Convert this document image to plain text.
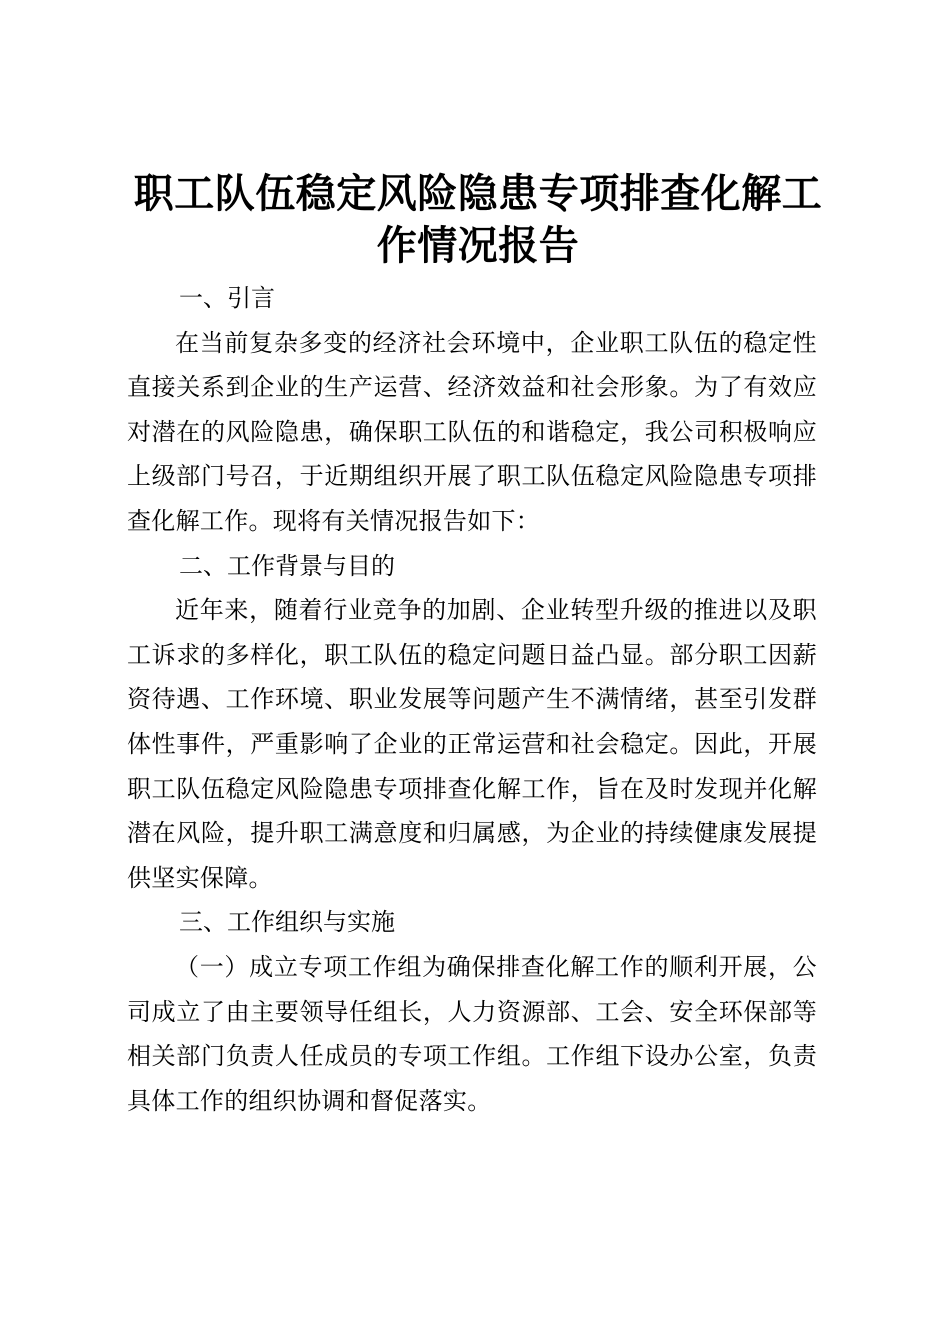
职工队伍稳定风险隐患专项排查化解工作情况报告
一、引言

在当前复杂多变的经济社会环境中，企业职工队伍的稳定性直接关系到企业的生产运营、经济效益和社会形象。为了有效应对潜在的风险隐患，确保职工队伍的和谐稳定，我公司积极响应上级部门号召，于近期组织开展了职工队伍稳定风险隐患专项排查化解工作。现将有关情况报告如下：

二、工作背景与目的

近年来，随着行业竞争的加剧、企业转型升级的推进以及职工诉求的多样化，职工队伍的稳定问题日益凸显。部分职工因薪资待遇、工作环境、职业发展等问题产生不满情绪，甚至引发群体性事件，严重影响了企业的正常运营和社会稳定。因此，开展职工队伍稳定风险隐患专项排查化解工作，旨在及时发现并化解潜在风险，提升职工满意度和归属感，为企业的持续健康发展提供坚实保障。

三、工作组织与实施

（一）成立专项工作组为确保排查化解工作的顺利开展，公司成立了由主要领导任组长，人力资源部、工会、安全环保部等相关部门负责人任成员的专项工作组。工作组下设办公室，负责具体工作的组织协调和督促落实。
